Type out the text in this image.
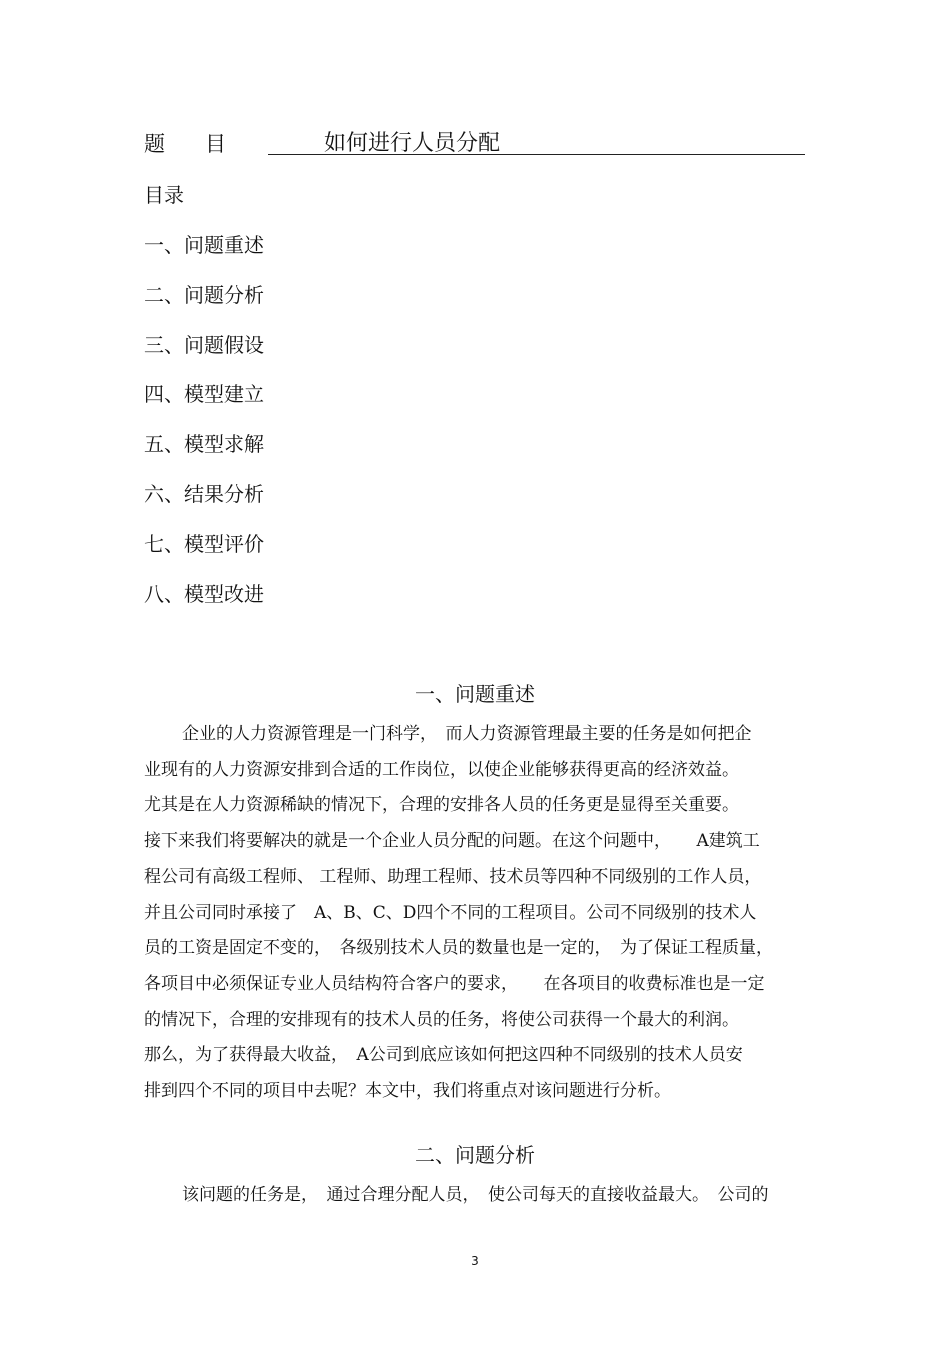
题 目	如何进行人员分配
目录
一、问题重述
二、问题分析
三、问题假设
四、模型建立
五、模型求解
六、结果分析
七、模型评价
八、模型改进
一、问题重述
企业的人力资源管理是一门科学，　而人力资源管理最主要的任务是如何把企
业现有的人力资源安排到合适的工作岗位，以使企业能够获得更高的经济效益。
尤其是在人力资源稀缺的情况下，合理的安排各人员的任务更是显得至关重要。
接下来我们将要解决的就是一个企业人员分配的问题。在这个问题中，　　A建筑工
程公司有高级工程师、 工程师、助理工程师、技术员等四种不同级别的工作人员，
并且公司同时承接了　A、B、C、D四个不同的工程项目。公司不同级别的技术人
员的工资是固定不变的，　各级别技术人员的数量也是一定的，　为了保证工程质量，
各项目中必须保证专业人员结构符合客户的要求，　　在各项目的收费标准也是一定
的情况下，合理的安排现有的技术人员的任务，将使公司获得一个最大的利润。
那么，为了获得最大收益，　A公司到底应该如何把这四种不同级别的技术人员安
排到四个不同的项目中去呢？本文中，我们将重点对该问题进行分析。
二、问题分析
该问题的任务是，　通过合理分配人员，　使公司每天的直接收益最大。　公司的
3
